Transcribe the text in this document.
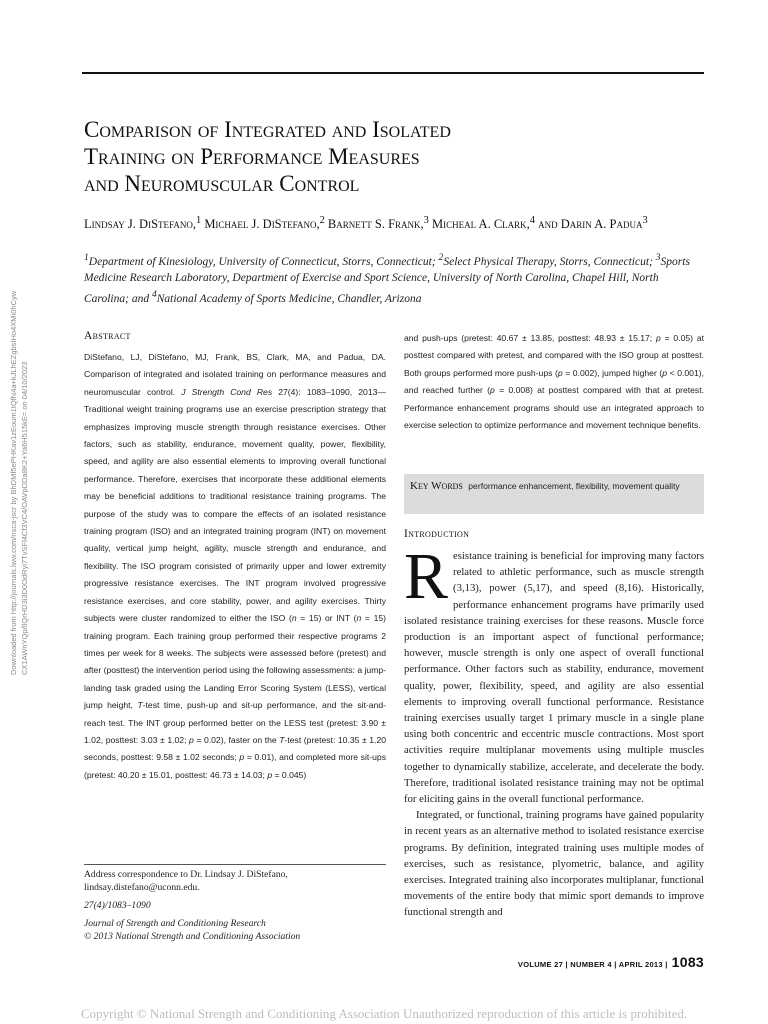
Comparison of Integrated and Isolated
Training on Performance Measures
and Neuromuscular Control
Lindsay J. DiStefano,$^1$ Michael J. DiStefano,$^2$ Barnett S. Frank,$^3$ Micheal A. Clark,$^4$ and Darin A. Padua$^3$
$^1$Department of Kinesiology, University of Connecticut, Storrs, Connecticut; $^2$Select Physical Therapy, Storrs, Connecticut; $^3$Sports Medicine Research Laboratory, Department of Exercise and Sport Science, University of North Carolina, Chapel Hill, North Carolina; and $^4$National Academy of Sports Medicine, Chandler, Arizona
Downloaded from http://journals.lww.com/nsca-jscr by BhDMf5ePHKav1zEoum1tQfN4a+kJLhEZgbsIHo4XMi0hCyw CX1AWnYQp/IlQrHD3i3D0OdRyi7TvSFl4Cf3VC4/OAVpDDa8K2+Ya6H515kE= on 04/10/2023
Abstract

DiStefano, LJ, DiStefano, MJ, Frank, BS, Clark, MA, and Padua, DA. Comparison of integrated and isolated training on performance measures and neuromuscular control. J Strength Cond Res 27(4): 1083–1090, 2013—Traditional weight training programs use an exercise prescription strategy that emphasizes improving muscle strength through resistance exercises. Other factors, such as stability, endurance, movement quality, power, flexibility, speed, and agility are also essential elements to improving overall functional performance. Therefore, exercises that incorporate these additional elements may be beneficial additions to traditional resistance training programs. The purpose of the study was to compare the effects of an isolated resistance training program (ISO) and an integrated training program (INT) on movement quality, vertical jump height, agility, muscle strength and endurance, and flexibility. The ISO program consisted of primarily upper and lower extremity progressive resistance exercises. The INT program involved progressive resistance exercises, and core stability, power, and agility exercises. Thirty subjects were cluster randomized to either the ISO (n = 15) or INT (n = 15) training program. Each training group performed their respective programs 2 times per week for 8 weeks. The subjects were assessed before (pretest) and after (posttest) the intervention period using the following assessments: a jump-landing task graded using the Landing Error Scoring System (LESS), vertical jump height, T-test time, push-up and sit-up performance, and the sit-and-reach test. The INT group performed better on the LESS test (pretest: 3.90 ± 1.02, posttest: 3.03 ± 1.02; p = 0.02), faster on the T-test (pretest: 10.35 ± 1.20 seconds, posttest: 9.58 ± 1.02 seconds; p = 0.01), and completed more sit-ups (pretest: 40.20 ± 15.01, posttest: 46.73 ± 14.03; p = 0.045)

Address correspondence to Dr. Lindsay J. DiStefano, lindsay.distefano@uconn.edu.

27(4)/1083–1090

Journal of Strength and Conditioning Research

© 2013 National Strength and Conditioning Association

and push-ups (pretest: 40.67 ± 13.85, posttest: 48.93 ± 15.17; p = 0.05) at posttest compared with pretest, and compared with the ISO group at posttest. Both groups performed more push-ups (p = 0.002), jumped higher (p < 0.001), and reached further (p = 0.008) at posttest compared with that at pretest. Performance enhancement programs should use an integrated approach to exercise selection to optimize performance and movement technique benefits.

Key Words performance enhancement, flexibility, movement quality
Introduction

R esistance training is beneficial for improving many factors related to athletic performance, such as muscle strength (3,13), power (5,17), and speed (8,16). Historically, performance enhancement programs have primarily used isolated resistance training exercises for these reasons. Muscle force production is an important aspect of functional performance; however, muscle strength is only one aspect of overall functional performance. Other factors such as stability, endurance, movement quality, power, flexibility, speed, and agility are also essential elements to improving overall functional performance. Resistance training exercises usually target 1 primary muscle in a single plane using both concentric and eccentric muscle contractions. Most sport activities require multiplanar movements using multiple muscles together to dynamically stabilize, accelerate, and decelerate the body. Therefore, traditional isolated resistance training may not be optimal for eliciting gains in the overall functional performance.

Integrated, or functional, training programs have gained popularity in recent years as an alternative method to isolated resistance exercise programs. By definition, integrated training uses multiple modes of exercises, such as resistance, plyometric, balance, and agility exercises. Integrated training also incorporates multiplanar, functional movements of the entire body that mimic sport demands to improve functional strength and

VOLUME 27 | NUMBER 4 | APRIL 2013 | 1083
Copyright © National Strength and Conditioning Association Unauthorized reproduction of this article is prohibited.
